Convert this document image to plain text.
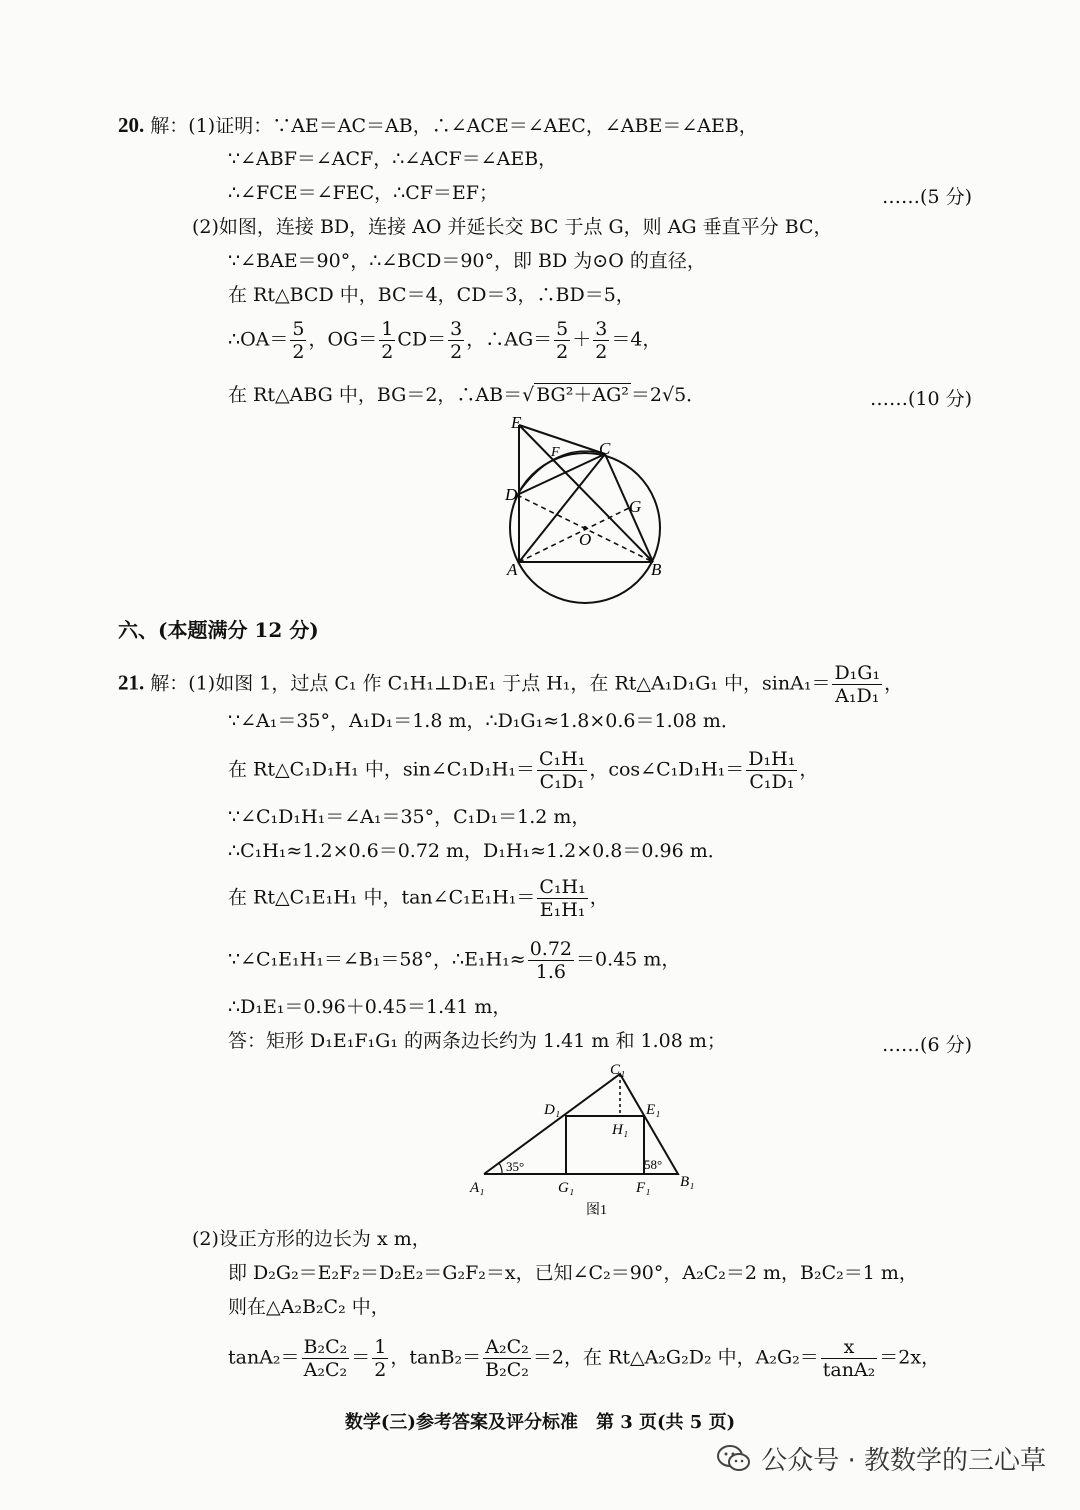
20. 解：(1)证明：∵AE＝AC＝AB，∴∠ACE＝∠AEC，∠ABE＝∠AEB，
∵∠ABF＝∠ACF，∴∠ACF＝∠AEB，
∴∠FCE＝∠FEC，∴CF＝EF；	……(5 分)
(2)如图，连接 BD，连接 AO 并延长交 BC 于点 G，则 AG 垂直平分 BC，
∵∠BAE＝90°，∴∠BCD＝90°，即 BD 为⊙O 的直径，
在 Rt△BCD 中，BC＝4，CD＝3，∴BD＝5，
∴OA＝ $\frac{5}{2}$ ，$OG= \frac{1}{2} CD= \frac{3}{2}$ ，∴AG＝ $\frac{5}{2} + \frac{3}{2} =4$，
在 Rt△ABG 中，BG＝2，∴AB＝√ BG²＋AG² ＝2√5．	……(10 分)
E
F C
D
G
O
A	B
六、(本题满分 12 分)
21. 解：(1)如图 1，过点 C₁ 作 C₁H₁⊥D₁E₁ 于点 H₁，在 Rt△A₁D₁G₁ 中，$\sin A_1= \frac{\text{D₁G₁}}{\text{A₁D₁}}$ ，
∵∠A₁＝35°，A₁D₁＝1.8 m，∴D₁G₁≈1.8×0.6＝1.08 m．
在 Rt△C₁D₁H₁ 中，sin∠C₁D₁H₁＝ $\frac{\text{C₁H₁}}{\text{C₁D₁}}$ ，cos∠C₁D₁H₁＝ $\frac{\text{D₁H₁}}{\text{C₁D₁}}$ ，
∵∠C₁D₁H₁＝∠A₁＝35°，C₁D₁＝1.2 m，
∴C₁H₁≈1.2×0.6＝0.72 m，D₁H₁≈1.2×0.8＝0.96 m．
在 Rt△C₁E₁H₁ 中，tan∠C₁E₁H₁＝ $\frac{\text{C₁H₁}}{\text{E₁H₁}}$ ，
∵∠C₁E₁H₁＝∠B₁＝58°，∴E₁H₁≈ $\frac{0.72}{1.6} =0.45$ m，
∴D₁E₁＝0.96＋0.45＝1.41 m，
答：矩形 D₁E₁F₁G₁ 的两条边长约为 1.41 m 和 1.08 m；	……(6 分)
C₁
D₁	E₁
H₁
A₁	G₁	F₁ B₁
35°	58°
图1
(2)设正方形的边长为 x m，
即 D₂G₂＝E₂F₂＝D₂E₂＝G₂F₂＝x，已知∠C₂＝90°，A₂C₂＝2 m，B₂C₂＝1 m，
则在△A₂B₂C₂ 中，
$\tan A_2= \frac{\text{B₂C₂}}{\text{A₂C₂}} = \frac{1}{2}$ ，$\tan B_2= \frac{\text{A₂C₂}}{\text{B₂C₂}} =2$，在 Rt△A₂G₂D₂ 中，$A_2G_2= \frac{x}{\text{tanA₂}} =2x$，
数学(三)参考答案及评分标准　第 3 页(共 5 页)
公众号 · 教数学的三心草
